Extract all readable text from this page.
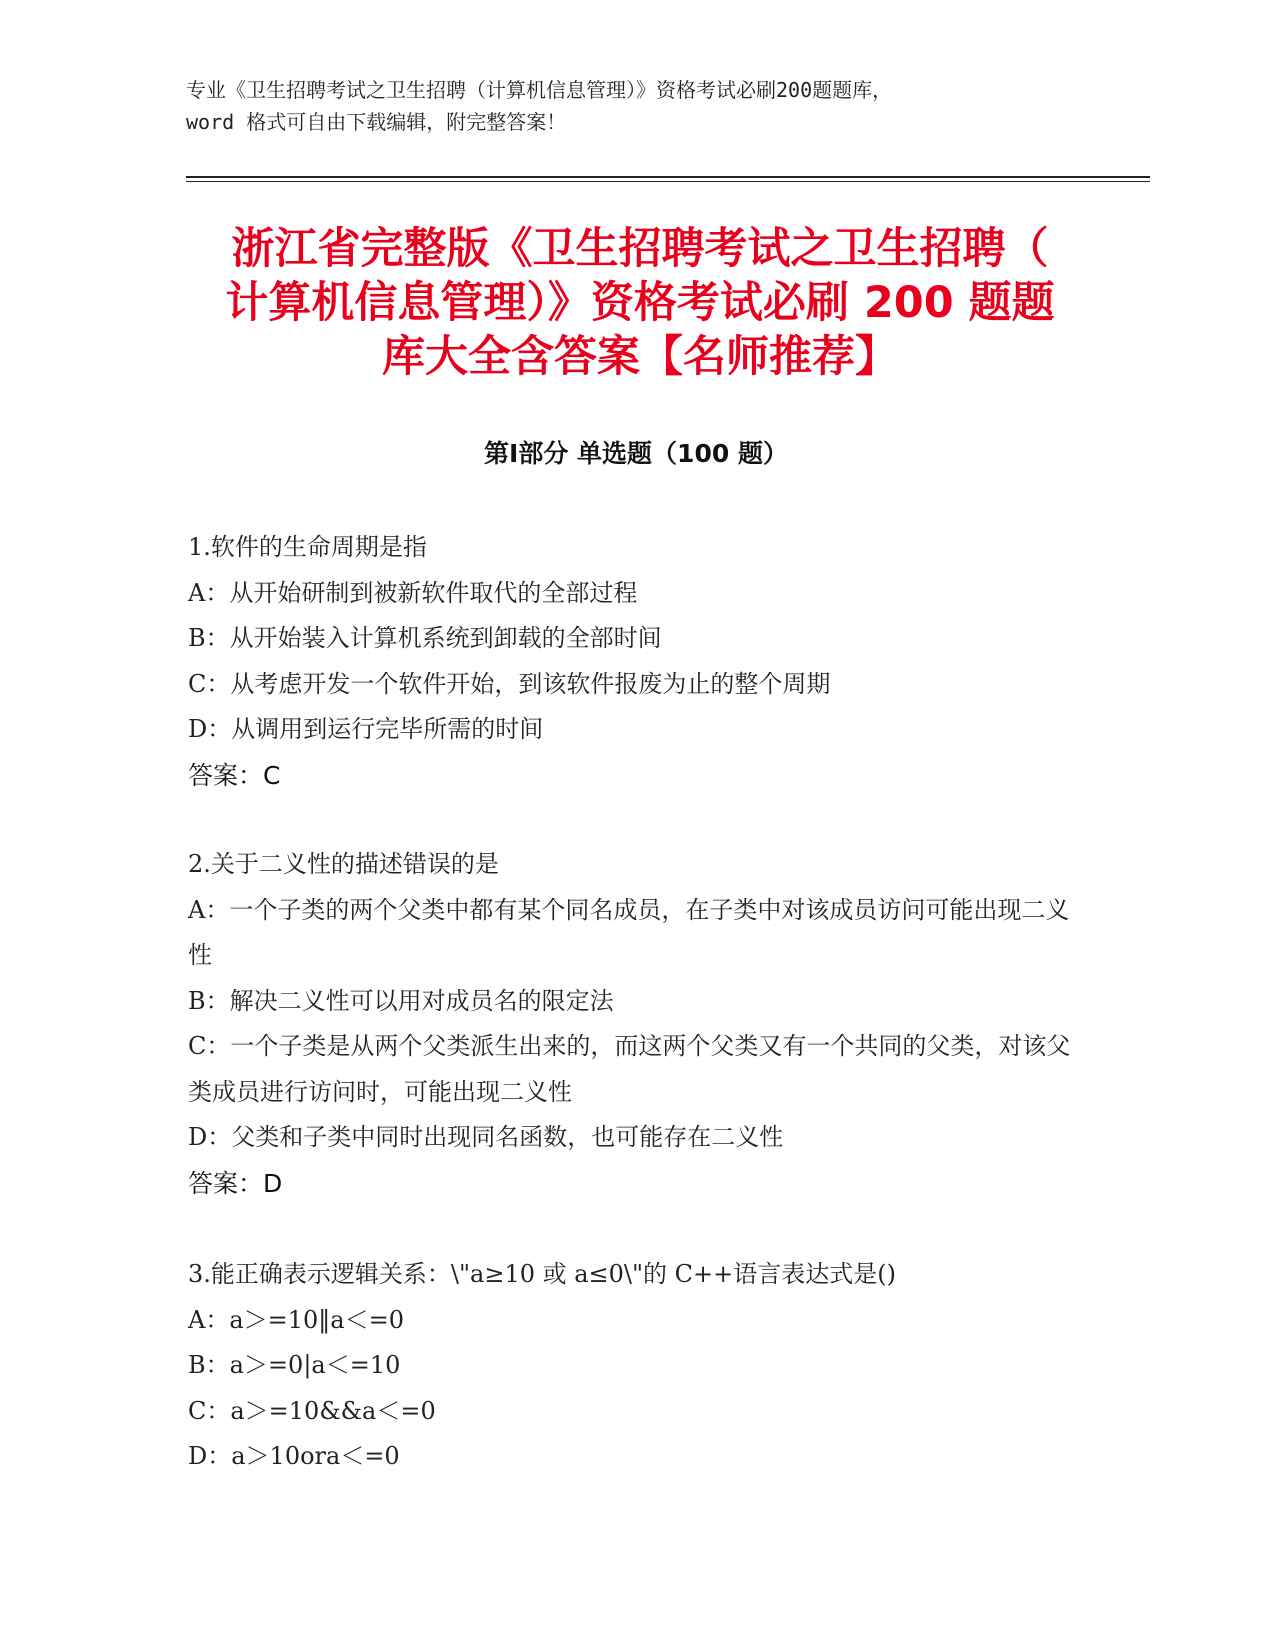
专业《卫生招聘考试之卫生招聘（计算机信息管理）》资格考试必刷200题题库，
word 格式可自由下载编辑，附完整答案！
浙江省完整版《卫生招聘考试之卫生招聘（
计算机信息管理）》资格考试必刷 200 题题
库大全含答案【名师推荐】
第Ⅰ部分 单选题（100 题）

1.软件的生命周期是指

A：从开始研制到被新软件取代的全部过程

B：从开始装入计算机系统到卸载的全部时间

C：从考虑开发一个软件开始，到该软件报废为止的整个周期

D：从调用到运行完毕所需的时间

答案：C

2.关于二义性的描述错误的是

A：一个子类的两个父类中都有某个同名成员，在子类中对该成员访问可能出现二义性

B：解决二义性可以用对成员名的限定法

C：一个子类是从两个父类派生出来的，而这两个父类又有一个共同的父类，对该父类成员进行访问时，可能出现二义性

D：父类和子类中同时出现同名函数，也可能存在二义性

答案：D

3.能正确表示逻辑关系：\"a≥10 或 a≤0\"的 C++语言表达式是()

A：a＞=10‖a＜=0

B：a＞=0|a＜=10

C：a＞=10&&a＜=0

D：a＞10ora＜=0
